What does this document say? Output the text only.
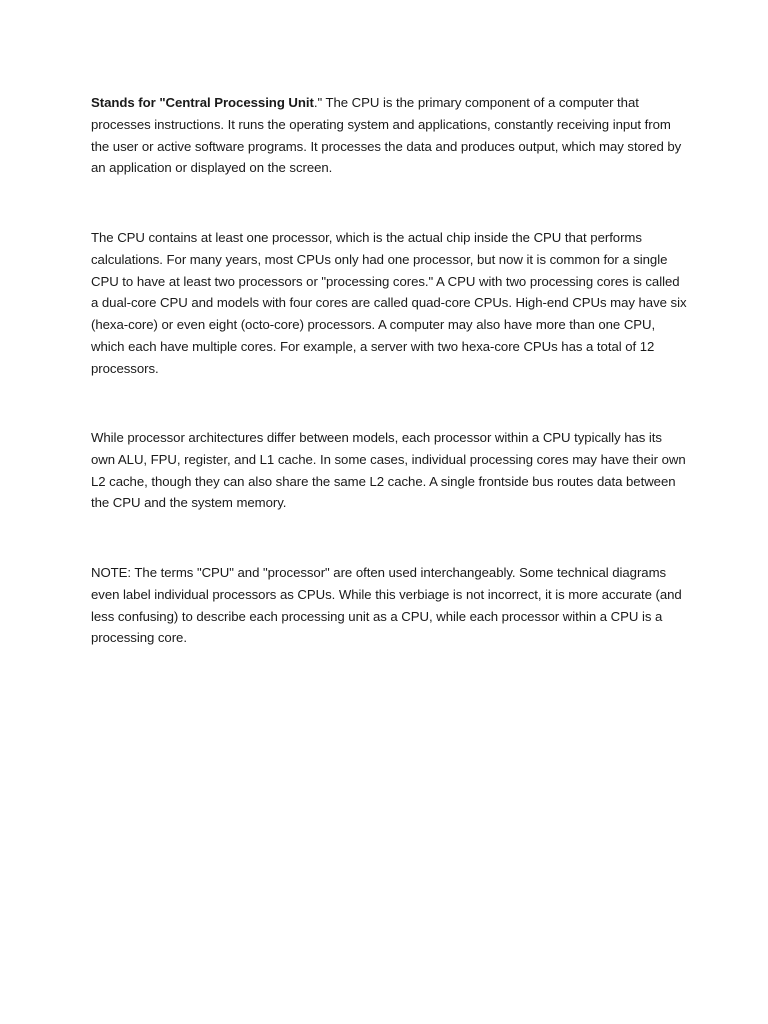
Stands for "Central Processing Unit." The CPU is the primary component of a computer that processes instructions. It runs the operating system and applications, constantly receiving input from the user or active software programs. It processes the data and produces output, which may stored by an application or displayed on the screen.

The CPU contains at least one processor, which is the actual chip inside the CPU that performs calculations. For many years, most CPUs only had one processor, but now it is common for a single CPU to have at least two processors or "processing cores." A CPU with two processing cores is called a dual-core CPU and models with four cores are called quad-core CPUs. High-end CPUs may have six (hexa-core) or even eight (octo-core) processors. A computer may also have more than one CPU, which each have multiple cores. For example, a server with two hexa-core CPUs has a total of 12 processors.

While processor architectures differ between models, each processor within a CPU typically has its own ALU, FPU, register, and L1 cache. In some cases, individual processing cores may have their own L2 cache, though they can also share the same L2 cache. A single frontside bus routes data between the CPU and the system memory.

NOTE: The terms "CPU" and "processor" are often used interchangeably. Some technical diagrams even label individual processors as CPUs. While this verbiage is not incorrect, it is more accurate (and less confusing) to describe each processing unit as a CPU, while each processor within a CPU is a processing core.
